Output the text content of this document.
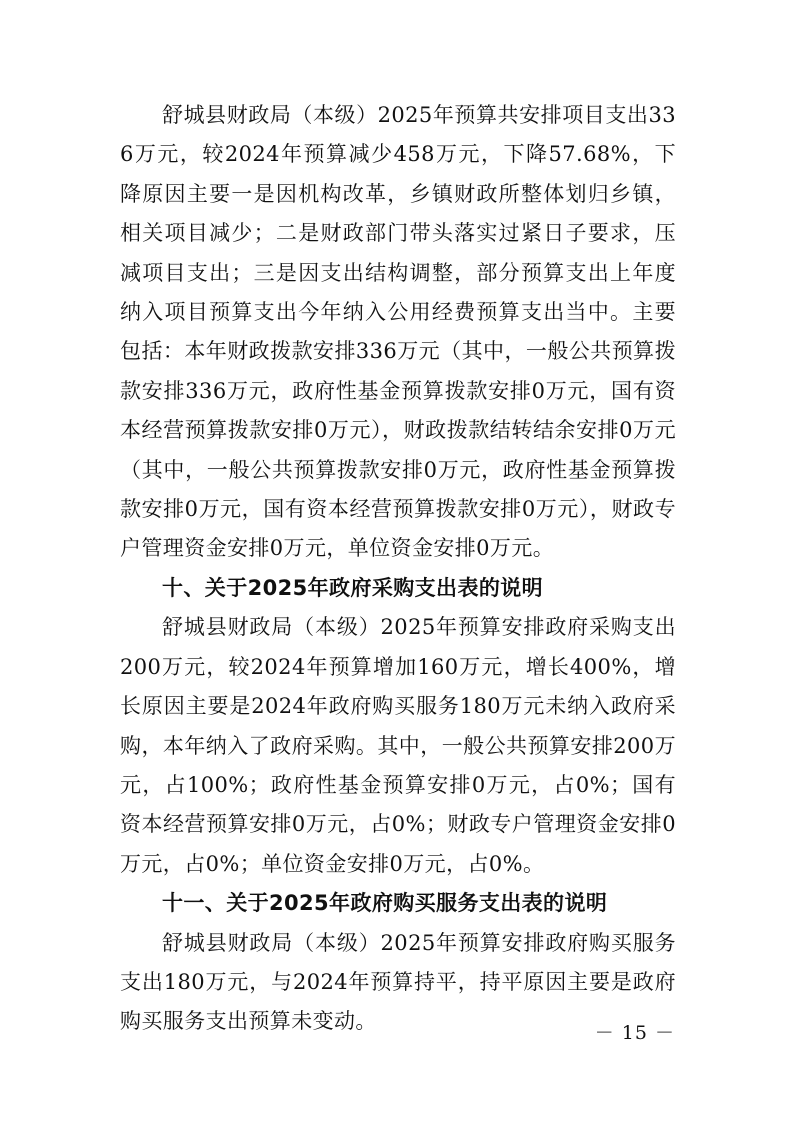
舒城县财政局（本级）2025年预算共安排项目支出336万元，较2024年预算减少458万元，下降57.68%，下降原因主要一是因机构改革，乡镇财政所整体划归乡镇，相关项目减少；二是财政部门带头落实过紧日子要求，压减项目支出；三是因支出结构调整，部分预算支出上年度纳入项目预算支出今年纳入公用经费预算支出当中。主要包括：本年财政拨款安排336万元（其中，一般公共预算拨款安排336万元，政府性基金预算拨款安排0万元，国有资本经营预算拨款安排0万元），财政拨款结转结余安排0万元（其中，一般公共预算拨款安排0万元，政府性基金预算拨款安排0万元，国有资本经营预算拨款安排0万元），财政专户管理资金安排0万元，单位资金安排0万元。

十、关于2025年政府采购支出表的说明

舒城县财政局（本级）2025年预算安排政府采购支出200万元，较2024年预算增加160万元，增长400%，增长原因主要是2024年政府购买服务180万元未纳入政府采购，本年纳入了政府采购。其中，一般公共预算安排200万元，占100%；政府性基金预算安排0万元，占0%；国有资本经营预算安排0万元，占0%；财政专户管理资金安排0万元，占0%；单位资金安排0万元，占0%。

十一、关于2025年政府购买服务支出表的说明

舒城县财政局（本级）2025年预算安排政府购买服务支出180万元，与2024年预算持平，持平原因主要是政府购买服务支出预算未变动。	－ 15 －
